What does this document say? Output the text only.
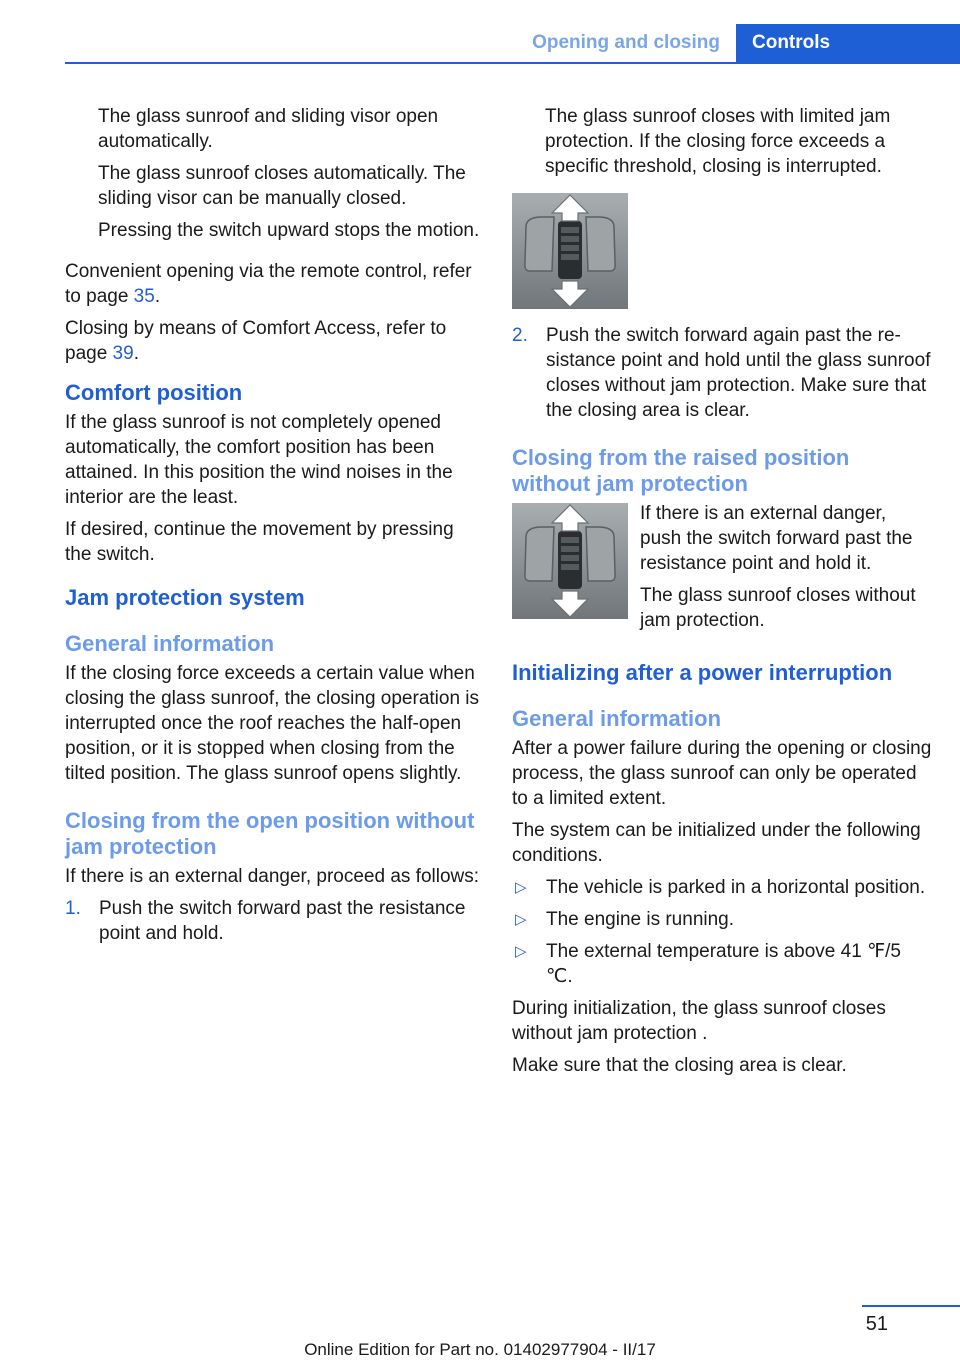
Opening and closing	Controls

The glass sunroof and sliding visor open automatically.

The glass sunroof closes automatically. The sliding visor can be manually closed.

Pressing the switch upward stops the motion.

Convenient opening via the remote control, refer to page 35.

Closing by means of Comfort Access, refer to page 39.

Comfort position

If the glass sunroof is not completely opened automatically, the comfort position has been attained. In this position the wind noises in the interior are the least.

If desired, continue the movement by pressing the switch.

Jam protection system
General information

If the closing force exceeds a certain value when closing the glass sunroof, the closing operation is interrupted once the roof reaches the half-open position, or it is stopped when closing from the tilted position. The glass sunroof opens slightly.

Closing from the open position without jam protection

If there is an external danger, proceed as follows:

1. Push the switch forward past the resistance point and hold.

The glass sunroof closes with limited jam protection. If the closing force exceeds a specific threshold, closing is interrupted.

2. Push the switch forward again past the resistance point and hold until the glass sunroof closes without jam protection. Make sure that the closing area is clear.
Closing from the raised position without jam protection

If there is an external danger, push the switch forward past the resistance point and hold it.

The glass sunroof closes without jam protection.

Initializing after a power interruption
General information

After a power failure during the opening or closing process, the glass sunroof can only be operated to a limited extent.

The system can be initialized under the following conditions.

▷ The vehicle is parked in a horizontal position.
▷ The engine is running.
▷ The external temperature is above 41 ℉/5 ℃.

During initialization, the glass sunroof closes without jam protection .

Make sure that the closing area is clear.

51
Online Edition for Part no. 01402977904 - II/17
